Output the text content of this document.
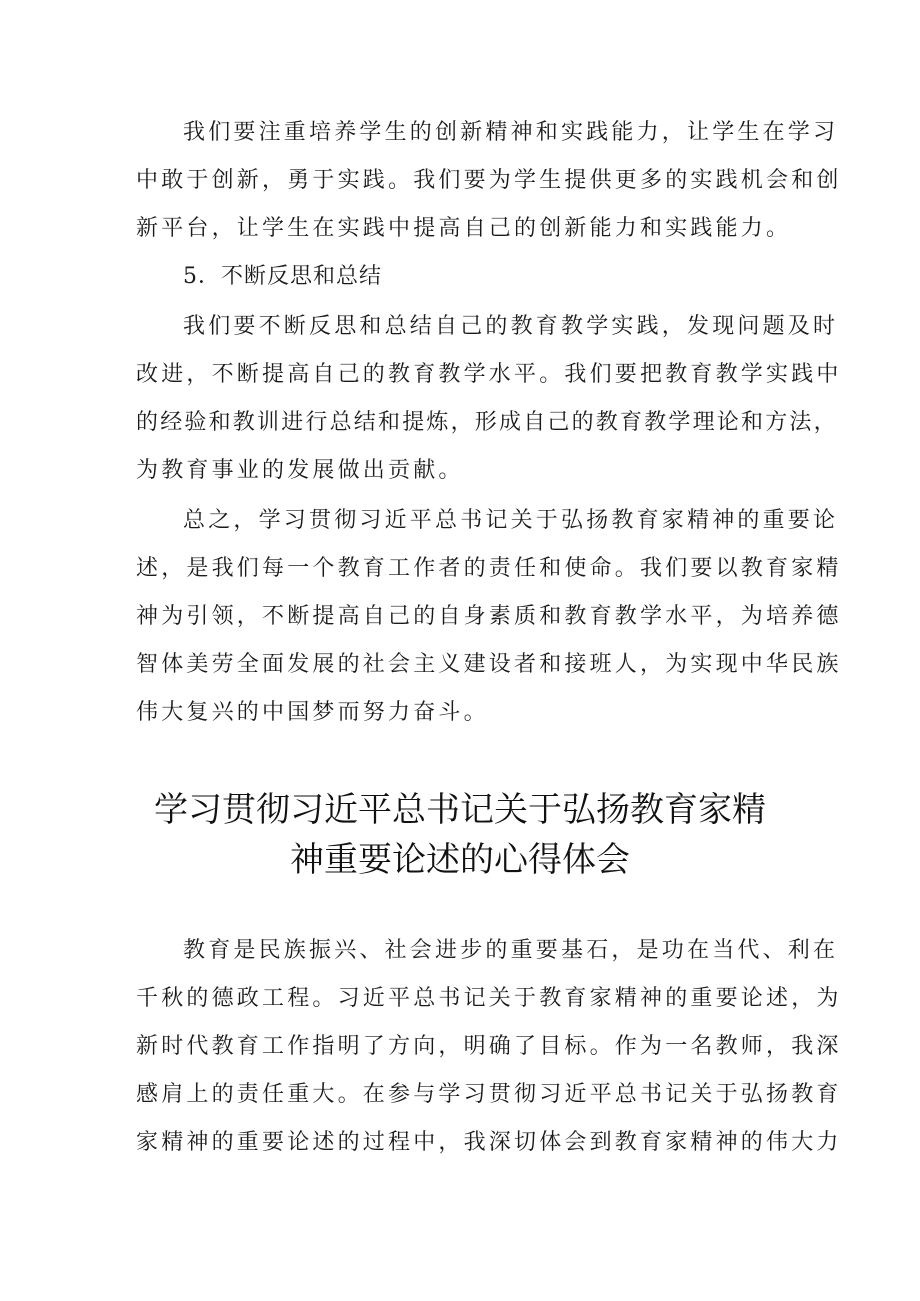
我们要注重培养学生的创新精神和实践能力，让学生在学习
中敢于创新，勇于实践。我们要为学生提供更多的实践机会和创
新平台，让学生在实践中提高自己的创新能力和实践能力。
5．不断反思和总结
我们要不断反思和总结自己的教育教学实践，发现问题及时
改进，不断提高自己的教育教学水平。我们要把教育教学实践中
的经验和教训进行总结和提炼，形成自己的教育教学理论和方法，
为教育事业的发展做出贡献。
总之，学习贯彻习近平总书记关于弘扬教育家精神的重要论
述，是我们每一个教育工作者的责任和使命。我们要以教育家精
神为引领，不断提高自己的自身素质和教育教学水平，为培养德
智体美劳全面发展的社会主义建设者和接班人，为实现中华民族
伟大复兴的中国梦而努力奋斗。
学习贯彻习近平总书记关于弘扬教育家精
神重要论述的心得体会
教育是民族振兴、社会进步的重要基石，是功在当代、利在
千秋的德政工程。习近平总书记关于教育家精神的重要论述，为
新时代教育工作指明了方向，明确了目标。作为一名教师，我深
感肩上的责任重大。在参与学习贯彻习近平总书记关于弘扬教育
家精神的重要论述的过程中，我深切体会到教育家精神的伟大力
